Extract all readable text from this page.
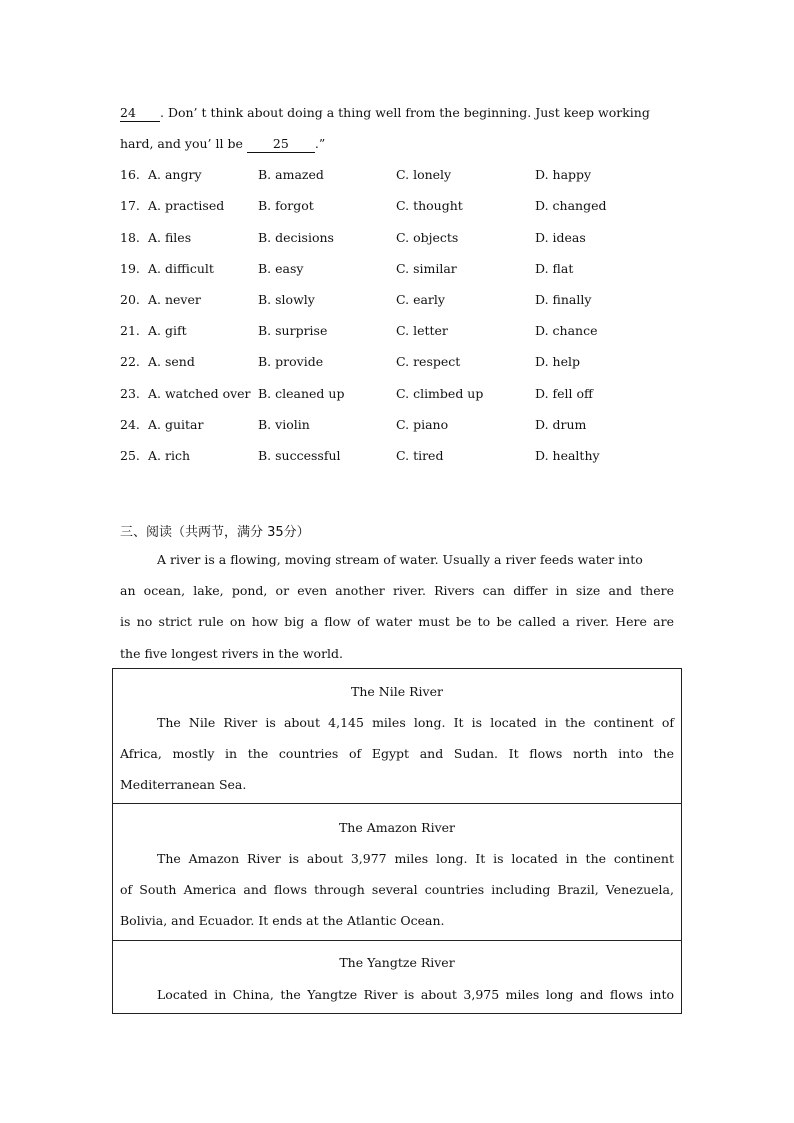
24 . Don’ t think about doing a thing well from the beginning. Just keep working
hard, and you’ ll be 25 .”
16. A. angry	B. amazed	C. lonely	D. happy
17. A. practised	B. forgot	C. thought	D. changed
18. A. files	B. decisions	C. objects	D. ideas
19. A. difficult	B. easy	C. similar	D. flat
20. A. never	B. slowly	C. early	D. finally
21. A. gift	B. surprise	C. letter	D. chance
22. A. send	B. provide	C. respect	D. help
23. A. watched over B. cleaned up	C. climbed up	D. fell off
24. A. guitar	B. violin	C. piano	D. drum
25. A. rich	B. successful	C. tired	D. healthy
三、阅读（共两节，满分 35分）
A river is a flowing, moving stream of water. Usually a river feeds water into
an ocean, lake, pond, or even another river. Rivers can differ in size and there
is no strict rule on how big a flow of water must be to be called a river. Here are
the five longest rivers in the world.
The Nile River
The Nile River is about 4,145 miles long. It is located in the continent of
Africa, mostly in the countries of Egypt and Sudan. It flows north into the
Mediterranean Sea.
The Amazon River
The Amazon River is about 3,977 miles long. It is located in the continent
of South America and flows through several countries including Brazil, Venezuela,
Bolivia, and Ecuador. It ends at the Atlantic Ocean.
The Yangtze River
Located in China, the Yangtze River is about 3,975 miles long and flows into
